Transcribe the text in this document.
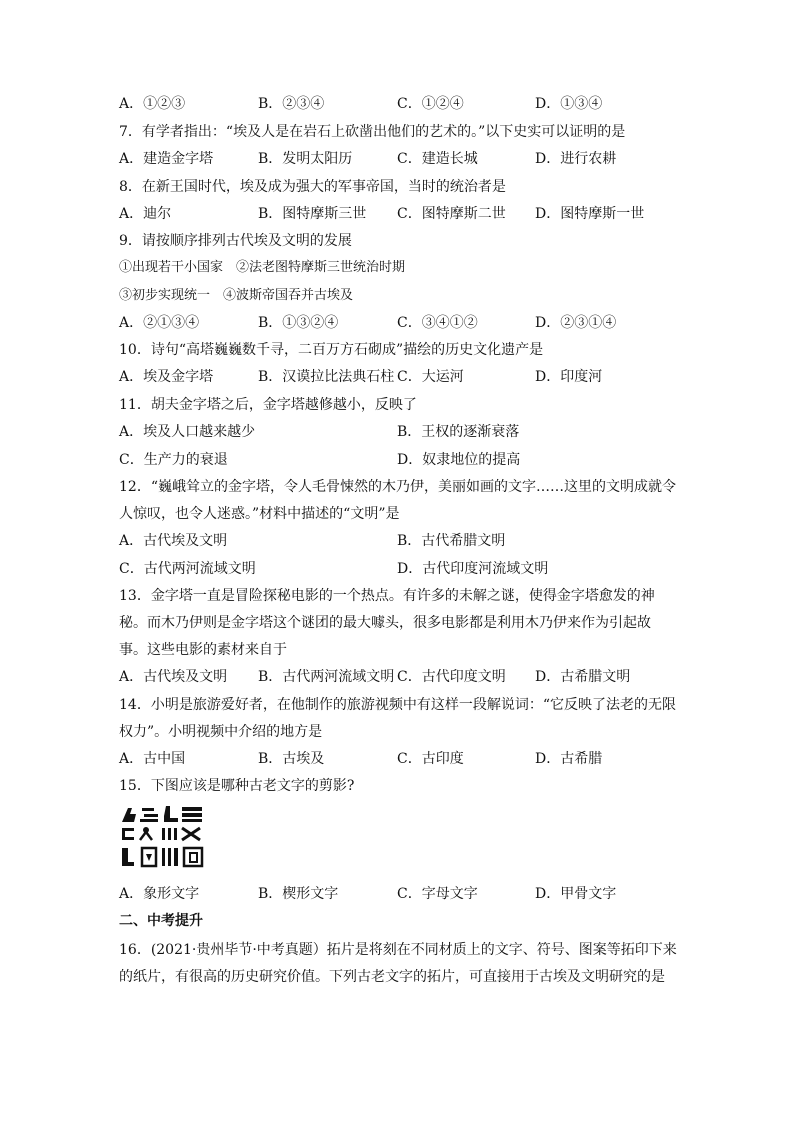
A．①②③	B．②③④	C．①②④	D．①③④
7．有学者指出：“埃及人是在岩石上砍凿出他们的艺术的。”以下史实可以证明的是
A．建造金字塔	B．发明太阳历	C．建造长城	D．进行农耕
8．在新王国时代，埃及成为强大的军事帝国，当时的统治者是
A．迪尔	B．图特摩斯三世 C．图特摩斯二世 D．图特摩斯一世
9．请按顺序排列古代埃及文明的发展
①出现若干小国家　②法老图特摩斯三世统治时期
③初步实现统一　④波斯帝国吞并古埃及
A．②①③④	B．①③②④	C．③④①②	D．②③①④
10．诗句“高塔巍巍数千寻，二百万方石砌成”描绘的历史文化遗产是
A．埃及金字塔	B．汉谟拉比法典石柱 C．大运河	D．印度河
11．胡夫金字塔之后，金字塔越修越小，反映了
A．埃及人口越来越少	B．王权的逐渐衰落
C．生产力的衰退	D．奴隶地位的提高
12．“巍峨耸立的金字塔，令人毛骨悚然的木乃伊，美丽如画的文字……这里的文明成就令
人惊叹，也令人迷惑。”材料中描述的“文明”是
A．古代埃及文明	B．古代希腊文明
C．古代两河流域文明	D．古代印度河流域文明
13．金字塔一直是冒险探秘电影的一个热点。有许多的未解之谜，使得金字塔愈发的神
秘。而木乃伊则是金字塔这个谜团的最大噱头，很多电影都是利用木乃伊来作为引起故
事。这些电影的素材来自于
A．古代埃及文明 B．古代两河流域文明 C．古代印度文明 D．古希腊文明
14．小明是旅游爱好者，在他制作的旅游视频中有这样一段解说词：“它反映了法老的无限
权力”。小明视频中介绍的地方是
A．古中国	B．古埃及	C．古印度	D．古希腊
15．下图应该是哪种古老文字的剪影?
A．象形文字	B．楔形文字	C．字母文字	D．甲骨文字
二、中考提升
16．(2021·贵州毕节·中考真题）拓片是将刻在不同材质上的文字、符号、图案等拓印下来
的纸片，有很高的历史研究价值。下列古老文字的拓片，可直接用于古埃及文明研究的是
